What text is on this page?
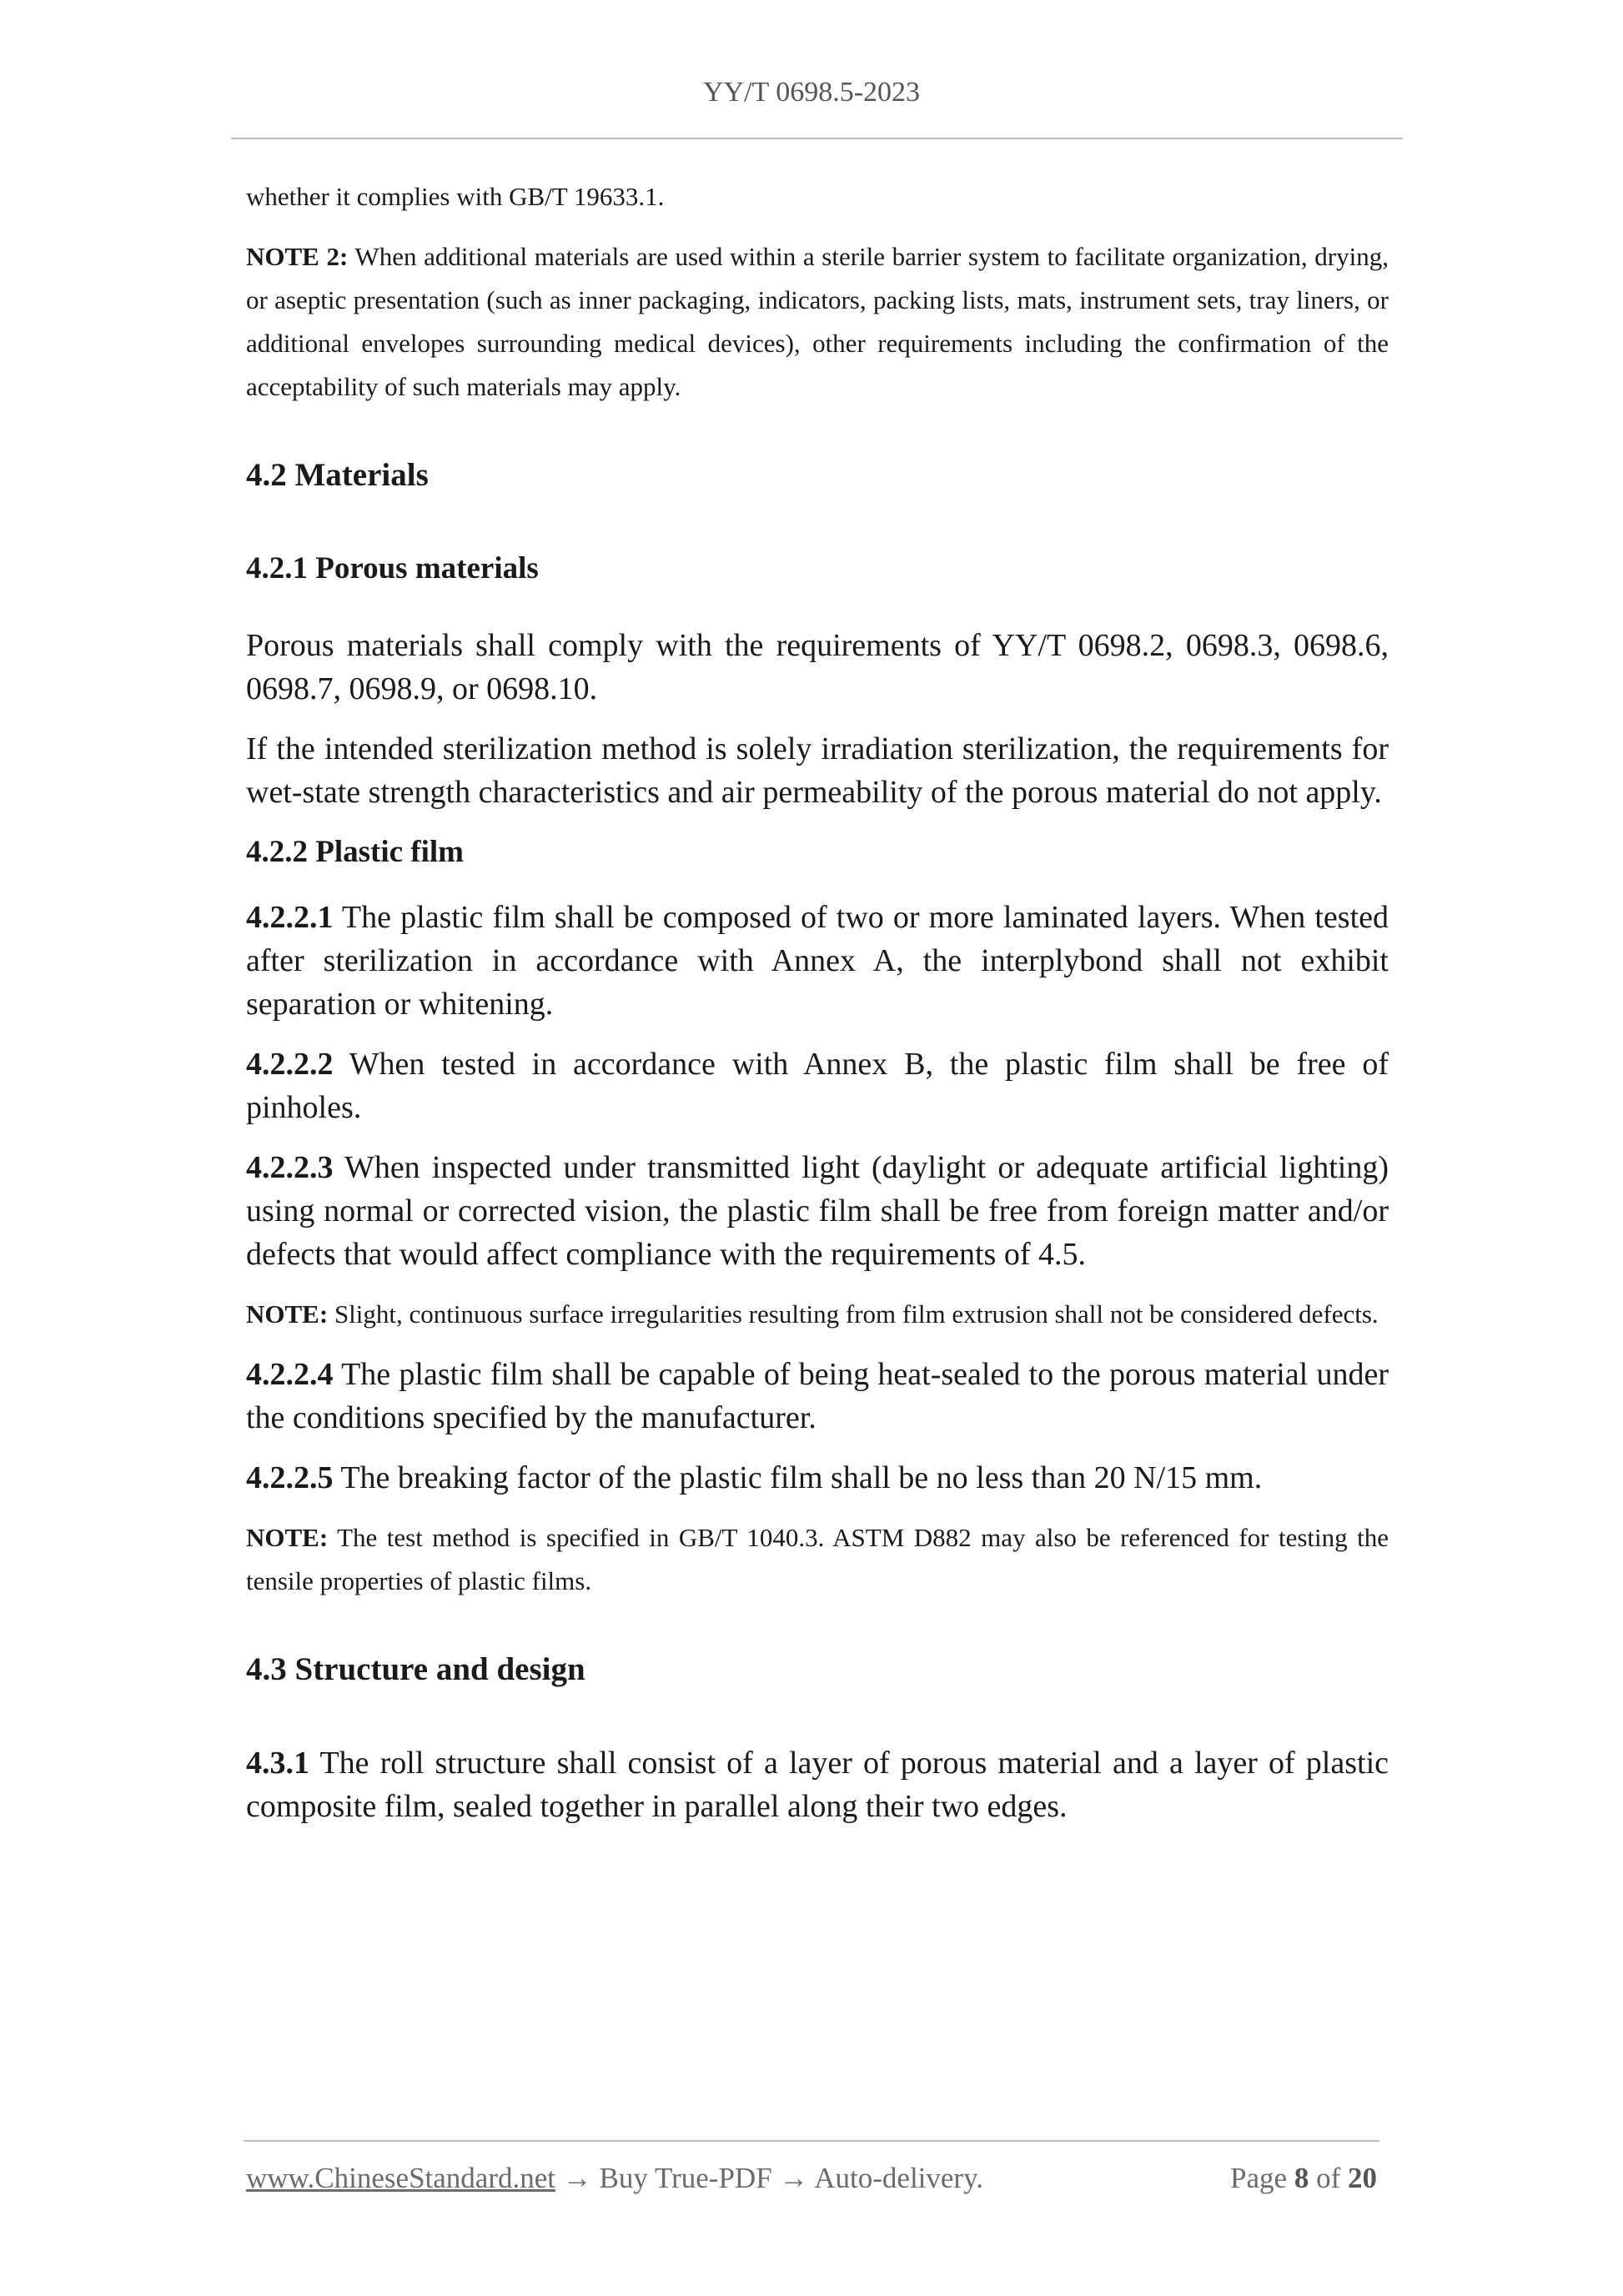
YY/T 0698.5-2023

whether it complies with GB/T 19633.1.

NOTE 2: When additional materials are used within a sterile barrier system to facilitate organization, drying, or aseptic presentation (such as inner packaging, indicators, packing lists, mats, instrument sets, tray liners, or additional envelopes surrounding medical devices), other requirements including the confirmation of the acceptability of such materials may apply.

4.2 Materials

4.2.1 Porous materials

Porous materials shall comply with the requirements of YY/T 0698.2, 0698.3, 0698.6, 0698.7, 0698.9, or 0698.10.

If the intended sterilization method is solely irradiation sterilization, the requirements for wet-state strength characteristics and air permeability of the porous material do not apply.

4.2.2 Plastic film

4.2.2.1 The plastic film shall be composed of two or more laminated layers. When tested after sterilization in accordance with Annex A, the interplybond shall not exhibit separation or whitening.

4.2.2.2 When tested in accordance with Annex B, the plastic film shall be free of pinholes.

4.2.2.3 When inspected under transmitted light (daylight or adequate artificial lighting) using normal or corrected vision, the plastic film shall be free from foreign matter and/or defects that would affect compliance with the requirements of 4.5.

NOTE: Slight, continuous surface irregularities resulting from film extrusion shall not be considered defects.

4.2.2.4 The plastic film shall be capable of being heat-sealed to the porous material under the conditions specified by the manufacturer.

4.2.2.5 The breaking factor of the plastic film shall be no less than 20 N/15 mm.

NOTE: The test method is specified in GB/T 1040.3. ASTM D882 may also be referenced for testing the tensile properties of plastic films.

4.3 Structure and design

4.3.1 The roll structure shall consist of a layer of porous material and a layer of plastic composite film, sealed together in parallel along their two edges.

www.ChineseStandard.net → Buy True-PDF → Auto-delivery.	Page 8 of 20
